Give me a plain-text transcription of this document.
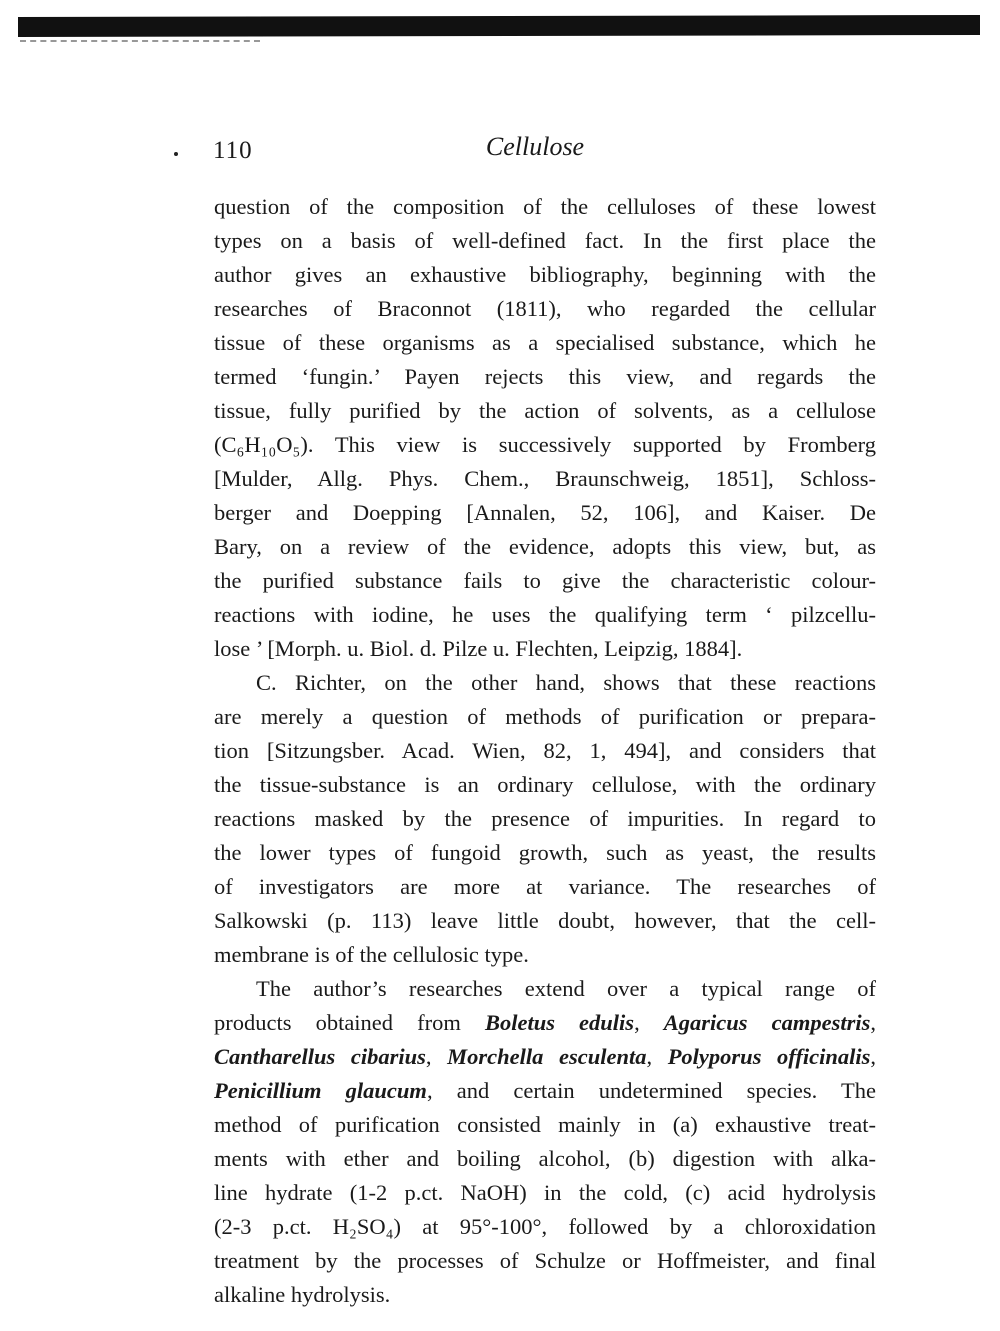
110	Cellulose
question of the composition of the celluloses of these lowest
types on a basis of well-defined fact. In the first place the
author gives an exhaustive bibliography, beginning with the
researches of Braconnot (1811), who regarded the cellular
tissue of these organisms as a specialised substance, which he
termed ‘fungin.’ Payen rejects this view, and regards the
tissue, fully purified by the action of solvents, as a cellulose
(C₆H₁₀O₅). This view is successively supported by Fromberg
[Mulder, Allg. Phys. Chem., Braunschweig, 1851], Schloss-
berger and Doepping [Annalen, 52, 106], and Kaiser. De
Bary, on a review of the evidence, adopts this view, but, as
the purified substance fails to give the characteristic colour-
reactions with iodine, he uses the qualifying term ‘ pilzcellu-
lose ’ [Morph. u. Biol. d. Pilze u. Flechten, Leipzig, 1884].
C. Richter, on the other hand, shows that these reactions
are merely a question of methods of purification or prepara-
tion [Sitzungsber. Acad. Wien, 82, 1, 494], and considers that
the tissue-substance is an ordinary cellulose, with the ordinary
reactions masked by the presence of impurities. In regard to
the lower types of fungoid growth, such as yeast, the results
of investigators are more at variance. The researches of
Salkowski (p. 113) leave little doubt, however, that the cell-
membrane is of the cellulosic type.
The author’s researches extend over a typical range of
products obtained from Boletus edulis, Agaricus campestris,
Cantharellus cibarius, Morchella esculenta, Polyporus officinalis,
Penicillium glaucum, and certain undetermined species. The
method of purification consisted mainly in (a) exhaustive treat-
ments with ether and boiling alcohol, (b) digestion with alka-
line hydrate (1-2 p.ct. NaOH) in the cold, (c) acid hydrolysis
(2-3 p.ct. H₂SO₄) at 95°-100°, followed by a chloroxidation
treatment by the processes of Schulze or Hoffmeister, and final
alkaline hydrolysis.
